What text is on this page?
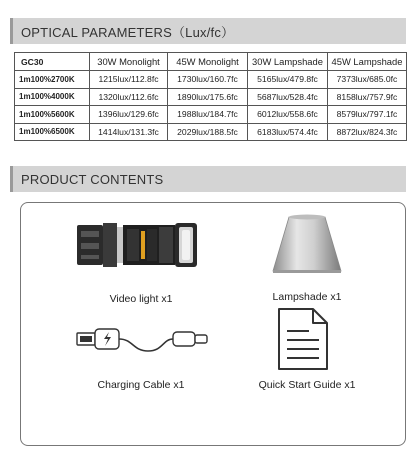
OPTICAL PARAMETERS（Lux/fc）
GC30	30W Monolight	45W Monolight	30W Lampshade	45W Lampshade
1m100%2700K	1215lux/112.8fc	1730lux/160.7fc	5165lux/479.8fc	7373lux/685.0fc
1m100%4000K	1320lux/112.6fc	1890lux/175.6fc	5687lux/528.4fc	8158lux/757.9fc
1m100%5600K	1396lux/129.6fc	1988lux/184.7fc	6012lux/558.6fc	8579lux/797.1fc
1m100%6500K	1414lux/131.3fc	2029lux/188.5fc	6183lux/574.4fc	8872lux/824.3fc
PRODUCT CONTENTS
Video light x1	Lampshade x1
Charging Cable x1	Quick Start Guide x1
